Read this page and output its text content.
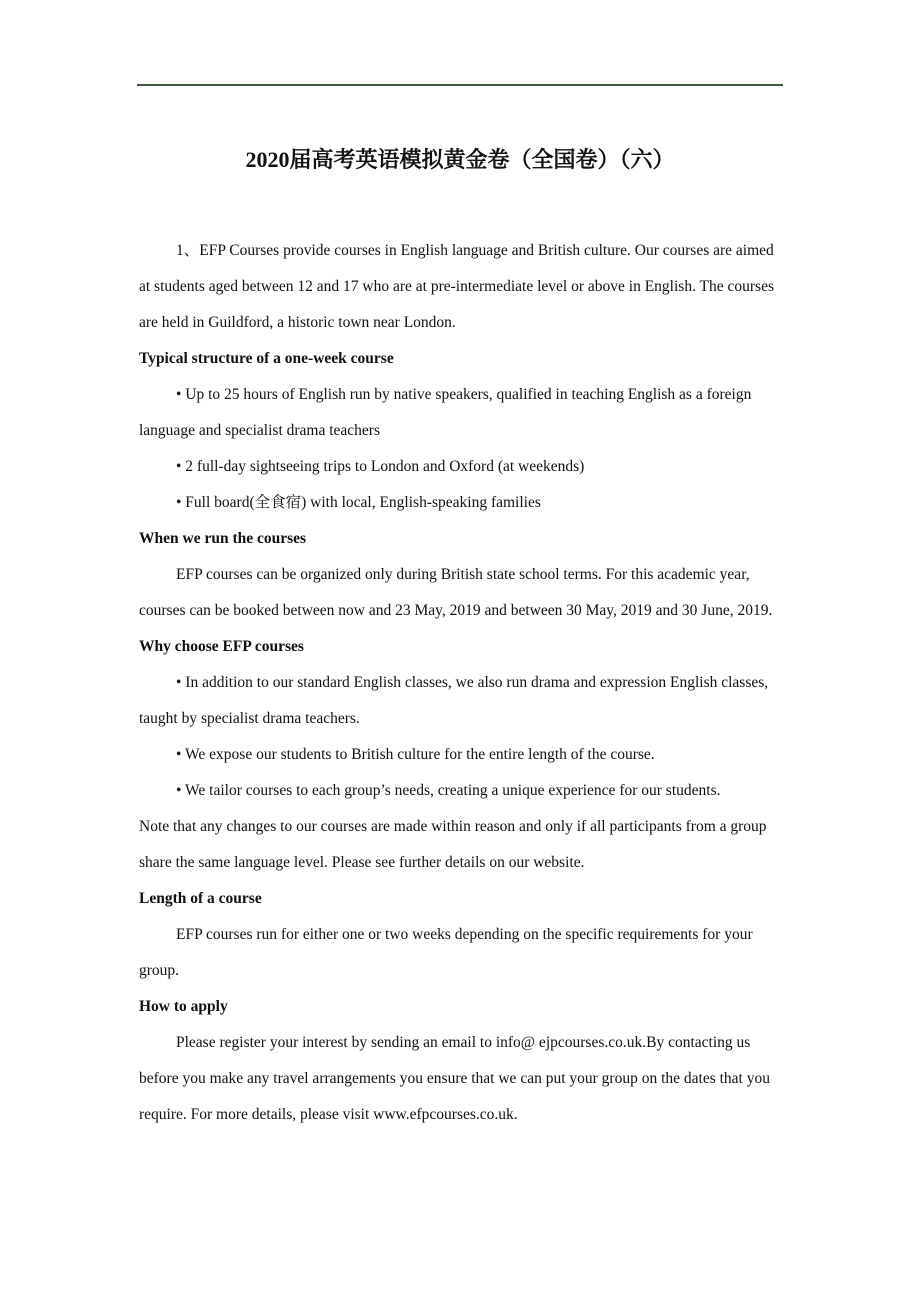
2020届高考英语模拟黄金卷（全国卷）（六）

1、EFP Courses provide courses in English language and British culture. Our courses are aimed at students aged between 12 and 17 who are at pre-intermediate level or above in English. The courses are held in Guildford, a historic town near London.

Typical structure of a one-week course

• Up to 25 hours of English run by native speakers, qualified in teaching English as a foreign language and specialist drama teachers

• 2 full-day sightseeing trips to London and Oxford (at weekends)

• Full board(全食宿) with local, English-speaking families

When we run the courses

EFP courses can be organized only during British state school terms. For this academic year, courses can be booked between now and 23 May, 2019 and between 30 May, 2019 and 30 June, 2019.

Why choose EFP courses

• In addition to our standard English classes, we also run drama and expression English classes, taught by specialist drama teachers.

• We expose our students to British culture for the entire length of the course.

• We tailor courses to each group’s needs, creating a unique experience for our students.

Note that any changes to our courses are made within reason and only if all participants from a group share the same language level. Please see further details on our website.

Length of a course

EFP courses run for either one or two weeks depending on the specific requirements for your group.

How to apply

Please register your interest by sending an email to info@ ejpcourses.co.uk.By contacting us before you make any travel arrangements you ensure that we can put your group on the dates that you require. For more details, please visit www.efpcourses.co.uk.
